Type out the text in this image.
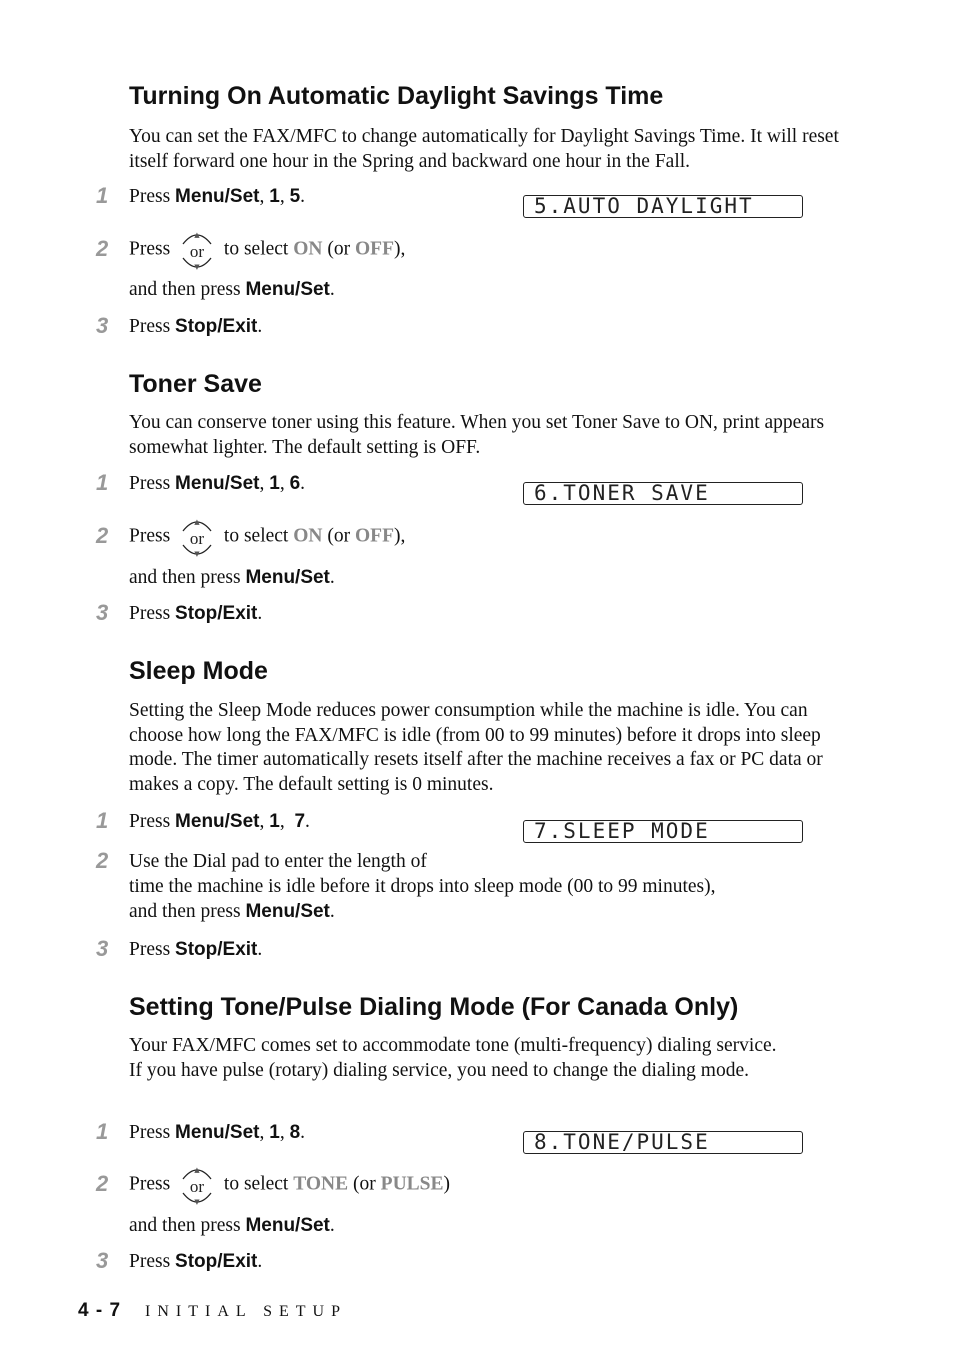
Turning On Automatic Daylight Savings Time

You can set the FAX/MFC to change automatically for Daylight Savings Time. It will reset itself forward one hour in the Spring and backward one hour in the Fall.

1 Press Menu/Set, 1, 5.	5.AUTO DAYLIGHT
2 Press
▲
▼
or to select ON (or OFF),
and then press Menu/Set.
3 Press Stop/Exit.
Toner Save

You can conserve toner using this feature. When you set Toner Save to ON, print appears somewhat lighter. The default setting is OFF.

1 Press Menu/Set, 1, 6.	6.TONER SAVE
2 Press
▲
▼
or to select ON (or OFF),
and then press Menu/Set.
3 Press Stop/Exit.
Sleep Mode

Setting the Sleep Mode reduces power consumption while the machine is idle. You can choose how long the FAX/MFC is idle (from 00 to 99 minutes) before it drops into sleep mode. The timer automatically resets itself after the machine receives a fax or PC data or makes a copy. The default setting is 0 minutes.

1 Press Menu/Set, 1,  7.	7.SLEEP MODE
2 Use the Dial pad to enter the length of
time the machine is idle before it drops into sleep mode (00 to 99 minutes),
and then press Menu/Set.
3 Press Stop/Exit.
Setting Tone/Pulse Dialing Mode (For Canada Only)

Your FAX/MFC comes set to accommodate tone (multi-frequency) dialing service.

If you have pulse (rotary) dialing service, you need to change the dialing mode.

1 Press Menu/Set, 1, 8.	8.TONE/PULSE
2 Press
▲
▼
or to select TONE (or PULSE)
and then press Menu/Set.
3 Press Stop/Exit.
4 - 7 INITIAL SETUP
